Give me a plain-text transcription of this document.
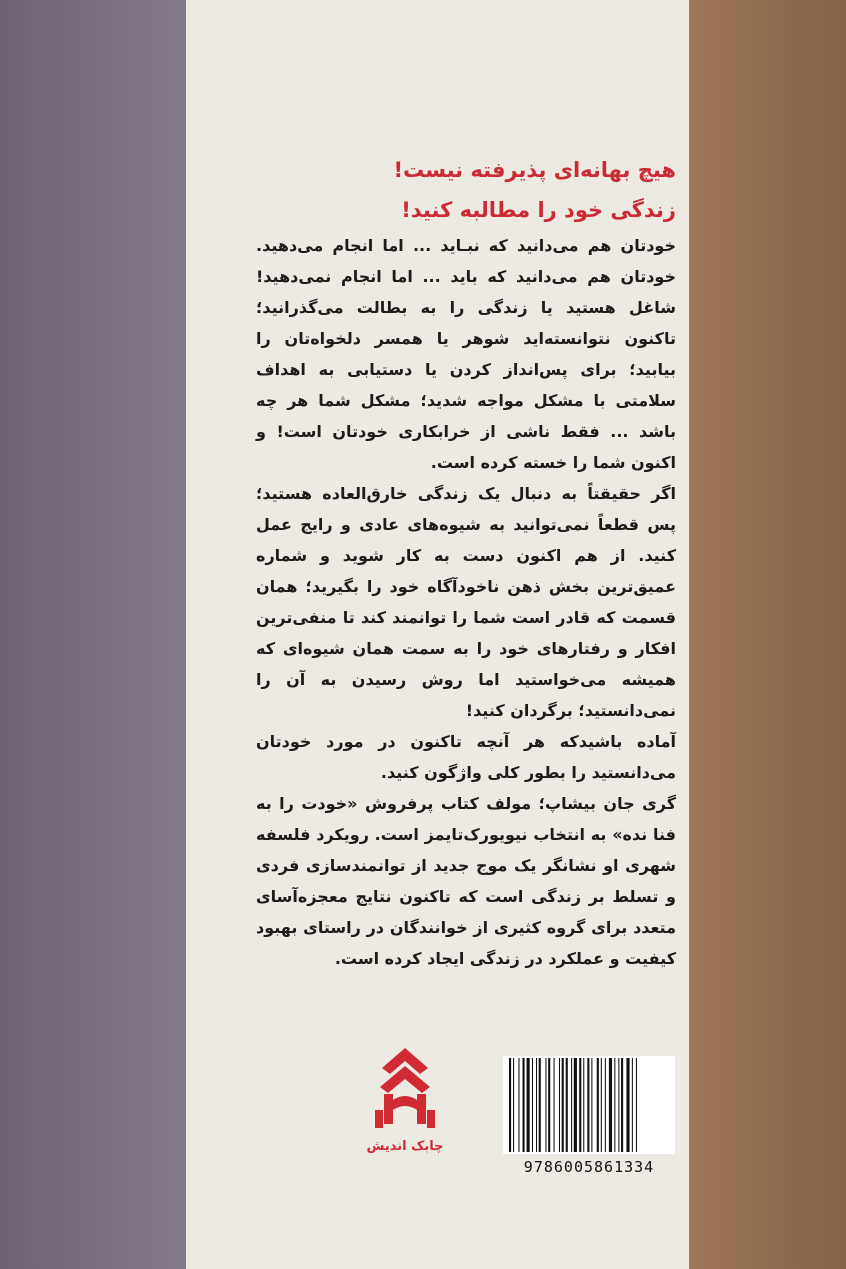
هیچ بهانه‌ای پذیرفته نیست!

زندگی خود را مطالبه کنید!

خودتان هم می‌دانید که نبـاید ... اما انجام می‌دهید. خودتان هم می‌دانید که باید ... اما انجام نمی‌دهید! شاغل هستید یا زندگی را به بطالت می‌گذرانید؛ تاکنون نتوانسته‌اید شوهر یا همسر دلخواه‌تان را بیابید؛ برای پس‌انداز کردن یا دستیابی به اهداف سلامتی با مشکل مواجه شدید؛ مشکل شما هر چه باشد ... فقط ناشی از خرابکاری خودتان است! و اکنون شما را خسته کرده است.

اگر حقیقتاً به دنبال یک زندگی خارق‌العاده هستید؛ پس قطعاً نمی‌توانید به شیوه‌های عادی و رایج عمل کنید. از هم اکنون دست به کار شوید و شماره عمیق‌ترین بخش ذهن ناخودآگاه خود را بگیرید؛ همان قسمت که قادر است شما را توانمند کند تا منفی‌ترین افکار و رفتارهای خود را به سمت همان شیوه‌ای که همیشه می‌خواستید اما روش رسیدن به آن را نمی‌دانستید؛ برگردان کنید!

آماده باشیدکه هر آنچه تاکنون در مورد خودتان می‌دانستید را بطور کلی واژگون کنید.

گری جان بیشاپ؛ مولف کتاب پرفروش «خودت را به فنا نده» به انتخاب نیویورک‌تایمز است. رویکرد فلسفه شهری او نشانگر یک موج جدید از توانمندسازی فردی و تسلط بر زندگی است که تاکنون نتایج معجزه‌آسای متعدد برای گروه کثیری از خوانندگان در راستای بهبود کیفیت و عملکرد در زندگی ایجاد کرده است.

چابک اندیش
9786005861334
